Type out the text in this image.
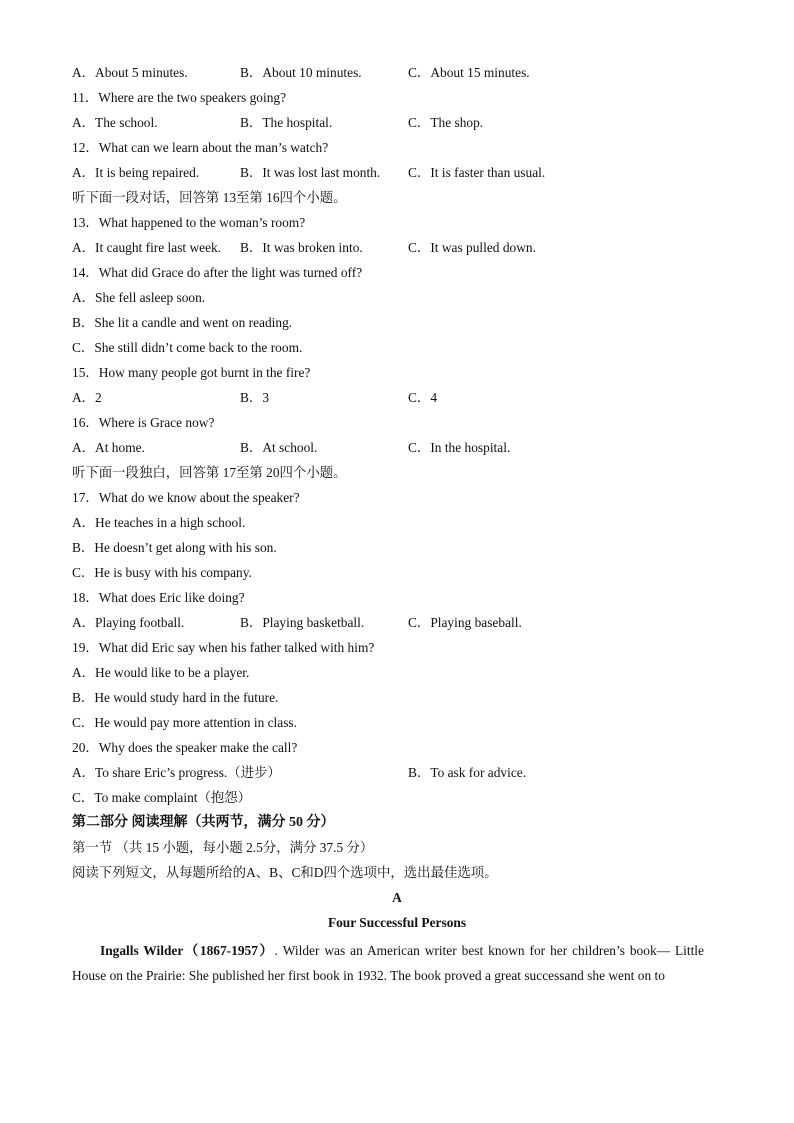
A．About 5 minutes.	B．About 10 minutes.	C．About 15 minutes.
11．Where are the two speakers going?
A．The school.	B．The hospital.	C．The shop.
12．What can we learn about the man’s watch?
A．It is being repaired.	B．It was lost last month.	C．It is faster than usual.
听下面一段对话，回答第 13至第 16四个小题。
13．What happened to the woman’s room?
A．It caught fire last week.	B．It was broken into.	C．It was pulled down.
14．What did Grace do after the light was turned off?
A．She fell asleep soon.
B．She lit a candle and went on reading.
C．She still didn’t come back to the room.
15．How many people got burnt in the fire?
A．2	B．3	C．4
16．Where is Grace now?
A．At home.	B．At school.	C．In the hospital.
听下面一段独白，回答第 17至第 20四个小题。
17．What do we know about the speaker?
A．He teaches in a high school.
B．He doesn’t get along with his son.
C．He is busy with his company.
18．What does Eric like doing?
A．Playing football.	B．Playing basketball.	C．Playing baseball.
19．What did Eric say when his father talked with him?
A．He would like to be a player.
B．He would study hard in the future.
C．He would pay more attention in class.
20．Why does the speaker make the call?
A．To share Eric’s progress.（进步）	B．To ask for advice.
C．To make complaint（抱怨）
第二部分 阅读理解（共两节，满分 50 分）
第一节 （共 15 小题，每小题 2.5分，满分 37.5 分）
阅读下列短文，从每题所给的A、B、C和D四个选项中，选出最佳选项。
A
Four Successful Persons
Ingalls Wilder（1867-1957）. Wilder was an American writer best known for her children’s book— Little House on the Prairie: She published her first book in 1932. The book proved a great successand she went on to
